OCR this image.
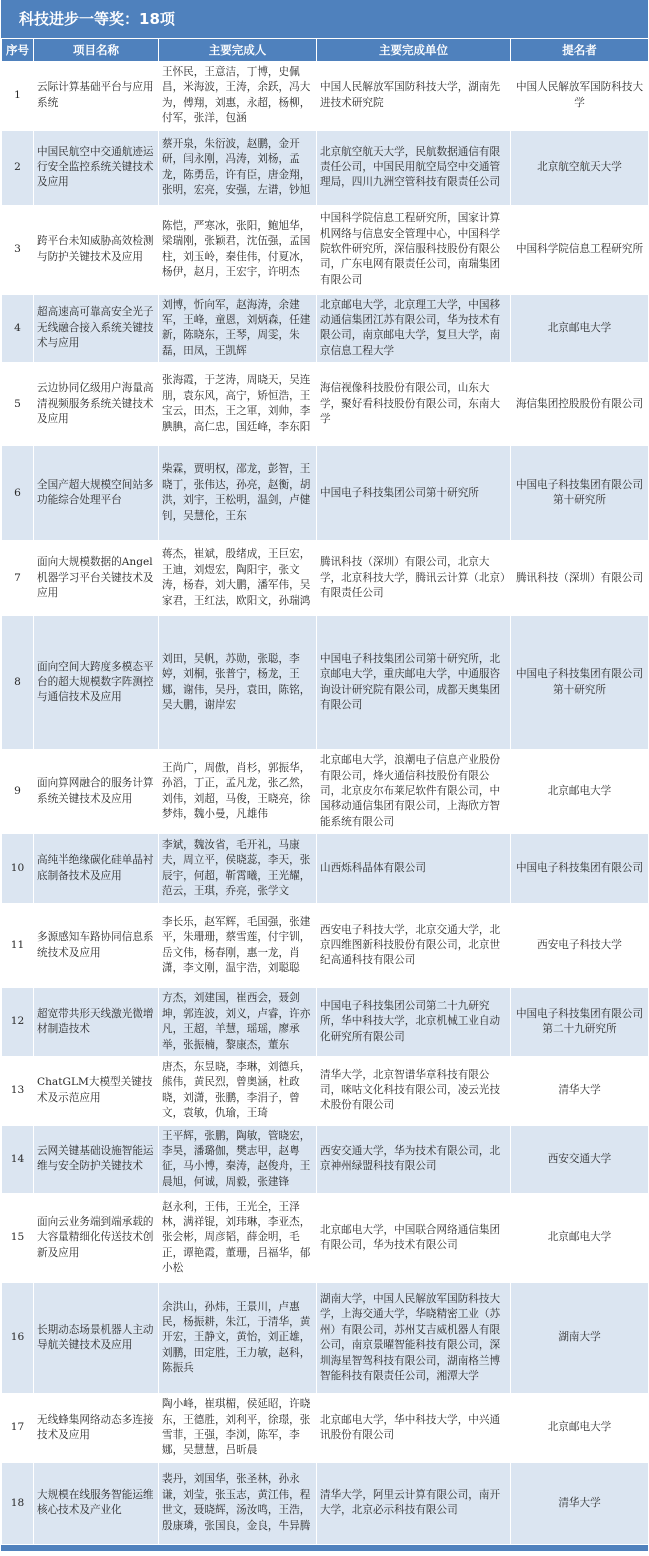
科技进步一等奖：18项
序号	项目名称	主要完成人	主要完成单位	提名者
1	云际计算基础平台与应用系统	王怀民，王意洁，丁博，史佩昌，米海波，王涛，余跃，冯大为，傅翔，刘惠，永超，杨柳，付军，张洋，包涵	中国人民解放军国防科技大学，湖南先进技术研究院	中国人民解放军国防科技大学
2	中国民航空中交通航迹运行安全监控系统关键技术及应用	蔡开泉，朱衍波，赵鹏，金开研，闫永刚，冯涛，刘杨，孟龙，陈勇岳，许有臣，唐金翔，张明，宏亮，安强，左谱，钞旭	北京航空航天大学，民航数据通信有限责任公司，中国民用航空局空中交通管理局，四川九洲空管科技有限责任公司	北京航空航天大学
3	跨平台未知威胁高效检测与防护关键技术及应用	陈恺，严寒冰，张阳，鲍旭华，梁瑞刚，张颖君，沈伍强，孟国柱，刘玉岭，秦佳伟，付夏冰，杨伊，赵月，王宏宇，许明杰	中国科学院信息工程研究所，国家计算机网络与信息安全管理中心，中国科学院软件研究所，深信服科技股份有限公司，广东电网有限责任公司，南瑞集团有限公司	中国科学院信息工程研究所
4	超高速高可靠高安全光子无线融合接入系统关键技术与应用	刘博，忻向军，赵海涛，余建军，王峰，童恩，刘炳森，任建新，陈晓东，王琴，周雯，朱磊，田凤，王凯辉	北京邮电大学，北京理工大学，中国移动通信集团江苏有限公司，华为技术有限公司，南京邮电大学，复旦大学，南京信息工程大学	北京邮电大学
5	云边协同亿级用户海量高清视频服务系统关键技术及应用	张海霞，于芝涛，周晓天，吴连朋，袁东风，高宁，矫恒浩，王宝云，田杰，王之軍，刘帅，李腆腆，高仁忠，国廷峰，李东阳	海信视像科技股份有限公司，山东大学，聚好看科技股份有限公司，东南大学	海信集团控股股份有限公司
6	全国产超大规模空间站多功能综合处理平台	柴霖，贾明权，邵龙，彭智，王晓丁，张伟达，孙亮，赵衡，胡洪，刘宇，王松明，温剑，卢健钊，吴慧伦，王东	中国电子科技集团公司第十研究所	中国电子科技集团有限公司第十研究所
7	面向大规模数据的Angel机器学习平台关键技术及应用	蒋杰，崔斌，殷绪成，王巨宏，王迪，刘煜宏，陶阳宇，张文涛，杨春，刘大鹏，潘军伟，吴家君，王红法，欧阳文，孙瑞鸿	腾讯科技（深圳）有限公司，北京大学，北京科技大学，腾讯云计算（北京）有限责任公司	腾讯科技（深圳）有限公司
8	面向空间大跨度多模态平台的超大规模数字阵测控与通信技术及应用	刘田，吴帆，苏勋，张聪，李婷，刘桐，张普宁，杨龙，王娜，谢伟，吴丹，袁田，陈铭，吴大鹏，谢岸宏	中国电子科技集团公司第十研究所，北京邮电大学，重庆邮电大学，中通服咨询设计研究院有限公司，成都天奥集团有限公司	中国电子科技集团有限公司第十研究所
9	面向算网融合的服务计算系统关键技术及应用	王尚广，周傲，肖杉，郭振华，孙滔，丁正，孟凡龙，张乙然，刘伟，刘超，马俊，王晓亮，徐梦炜，魏小曼，凡雄伟	北京邮电大学，浪潮电子信息产业股份有限公司，烽火通信科技股份有限公司，北京皮尔布莱尼软件有限公司，中国移动通信集团有限公司，上海欣方智能系统有限公司	北京邮电大学
10	高纯半绝缘碳化硅单晶衬底制备技术及应用	李斌，魏汝省，毛开礼，马康夫，周立平，侯晓蕊，李天，张辰宇，何超，靳霄曦，王光耀，范云，王琪，乔亮，张学文	山西烁科晶体有限公司	中国电子科技集团有限公司
11	多源感知车路协同信息系统技术及应用	李长乐，赵军辉，毛国强，张建平，朱珊珊，蔡雪莲，付宇钏，岳文伟，杨春刚，惠一龙，肖潇，李文刚，温宇浩，刘聪聪	西安电子科技大学，北京交通大学，北京四维图新科技股份有限公司，北京世纪高通科技有限公司	西安电子科技大学
12	超宽带共形天线激光微增材制造技术	方杰，刘建国，崔西会，聂剑坤，郭连波，刘义，卢睿，许亦凡，王超，羊慧，瑶瑶，廖承举，张振楠，黎康杰，董东	中国电子科技集团公司第二十九研究所，华中科技大学，北京机械工业自动化研究所有限公司	中国电子科技集团有限公司第二十九研究所
13	ChatGLM大模型关键技术及示范应用	唐杰，东昱晓，李琳，刘德兵，熊伟，黄民烈，曾奥涵，杜政晓，刘潇，张鹏，李涓子，曾文，袁敏，仇瑜，王琦	清华大学，北京智谱华章科技有限公司，咪咕文化科技有限公司，凌云光技术股份有限公司	清华大学
14	云网关键基础设施智能运维与安全防护关键技术	王平辉，张鹏，陶敏，管晓宏，李昊，潘璐伽，樊志甲，赵粤征，马小博，秦涛，赵俊舟，王晨旭，何诚，周毅，张建锋	西安交通大学，华为技术有限公司，北京神州绿盟科技有限公司	西安交通大学
15	面向云业务端到端承载的大容量精细化传送技术创新及应用	赵永利，王伟，王光全，王泽林，满祥锟，刘玮琳，李亚杰，张会彬，周彦韬，薛金明，毛正，谭艳霞，董珊，吕福华，郁小松	北京邮电大学，中国联合网络通信集团有限公司，华为技术有限公司	北京邮电大学
16	长期动态场景机器人主动导航关键技术及应用	余洪山，孙炜，王景川，卢惠民，杨振耕，朱江，于清华，黄开宏，王静文，黄怡，刘正雄，刘鹏，田定胜，王力敏，赵科，陈振兵	湖南大学，中国人民解放军国防科技大学，上海交通大学，华晓精密工业（苏州）有限公司，苏州艾吉威机器人有限公司，南京景曜智能科技有限公司，深圳海星智驾科技有限公司，湖南格兰博智能科技有限责任公司，湘潭大学	湖南大学
17	无线蜂集网络动态多连接技术及应用	陶小峰，崔琪楣，侯延昭，许晓东，王德胜，刘利平，徐璟，张雪菲，王强，李浏，陈军，李娜，吴慧慧，吕昕晨	北京邮电大学，华中科技大学，中兴通讯股份有限公司	北京邮电大学
18	大规模在线服务智能运维核心技术及产业化	裴丹，刘国华，张圣林，孙永谦，刘莹，张玉志，黄江伟，程世文，聂晓辉，汤汝鸣，王浩，殷康璘，张国良，金良，牛异腾	清华大学，阿里云计算有限公司，南开大学，北京必示科技有限公司	清华大学
